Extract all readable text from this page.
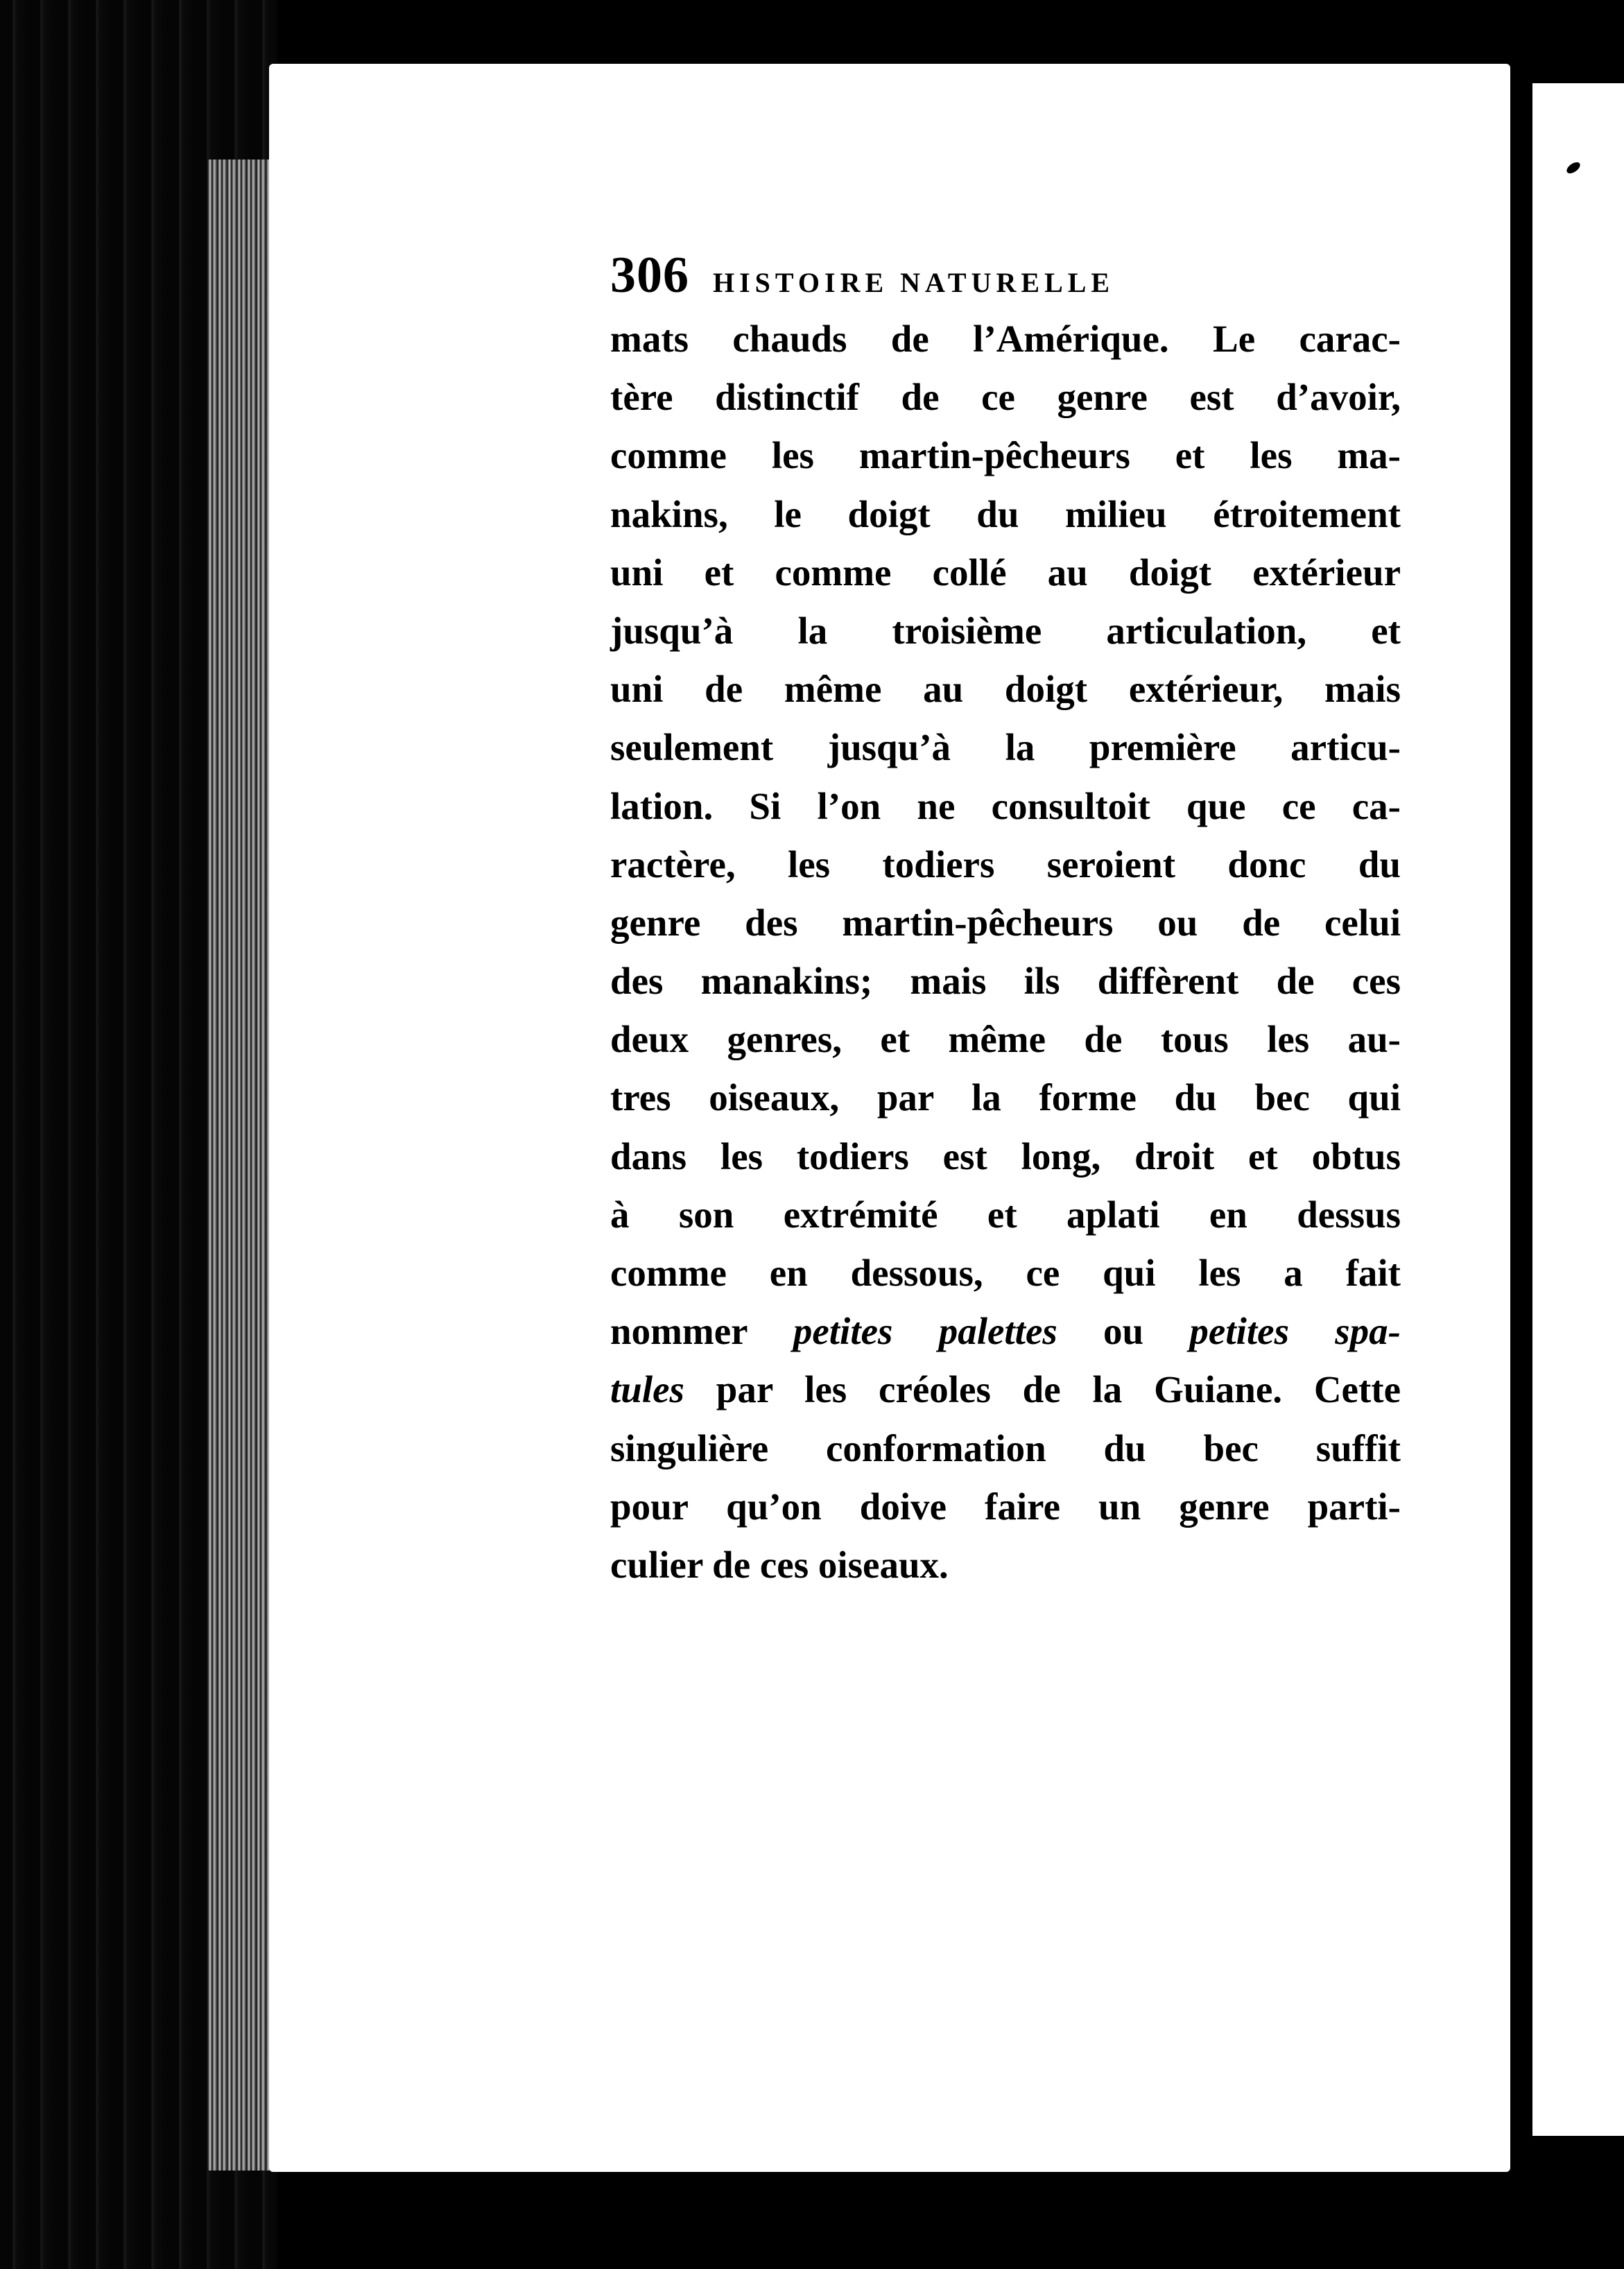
306 HISTOIRE NATURELLE
mats chauds de l’Amérique. Le carac-
tère distinctif de ce genre est d’avoir,
comme les martin-pêcheurs et les ma-
nakins, le doigt du milieu étroitement
uni et comme collé au doigt extérieur
jusqu’à la troisième articulation, et
uni de même au doigt extérieur, mais
seulement jusqu’à la première articu-
lation. Si l’on ne consultoit que ce ca-
ractère, les todiers seroient donc du
genre des martin-pêcheurs ou de celui
des manakins; mais ils diffèrent de ces
deux genres, et même de tous les au-
tres oiseaux, par la forme du bec qui
dans les todiers est long, droit et obtus
à son extrémité et aplati en dessus
comme en dessous, ce qui les a fait
nommer petites palettes ou petites spa-
tules par les créoles de la Guiane. Cette
singulière conformation du bec suffit
pour qu’on doive faire un genre parti-
culier de ces oiseaux.
